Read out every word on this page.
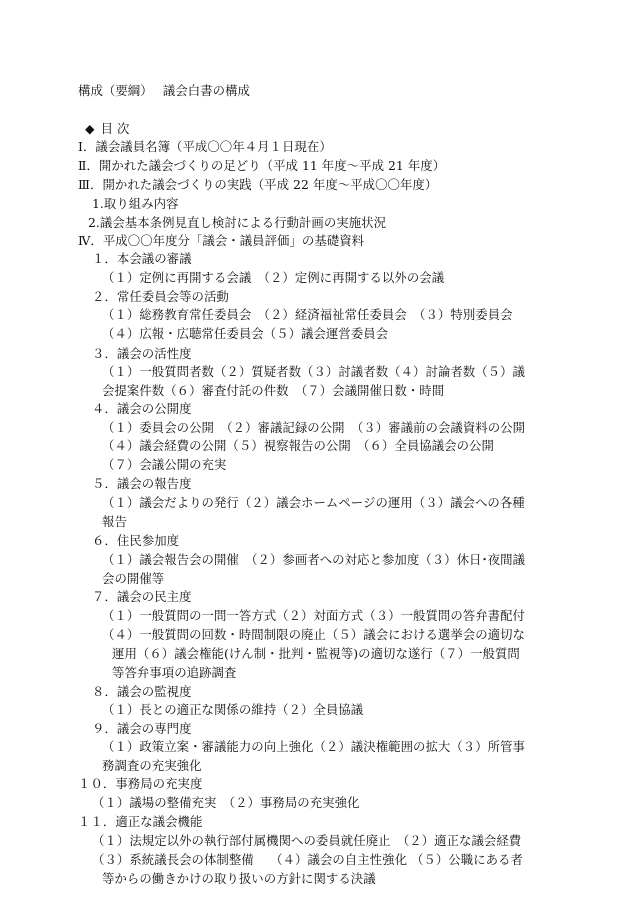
構成（要綱）　 議会白書の構成

◆ 目 次

Ⅰ．議会議員名簿（平成〇〇年４月１日現在）

Ⅱ．開かれた議会づくりの足どり（平成 11 年度～平成 21 年度）

Ⅲ．開かれた議会づくりの実践（平成 22 年度～平成〇〇年度）

1.取り組み内容

2.議会基本条例見直し検討による行動計画の実施状況

Ⅳ．平成〇〇年度分「議会・議員評価」の基礎資料

１．本会議の審議

（１）定例に再開する会議　（２）定例に再開する以外の会議

２．常任委員会等の活動

（１）総務教育常任委員会　（２）経済福祉常任委員会　（３）特別委員会

（４）広報・広聴常任委員会（５）議会運営委員会

３．議会の活性度

（１）一般質問者数（２）質疑者数（３）討議者数（４）討論者数（５）議

会提案件数（６）審査付託の件数　（７）会議開催日数・時間

４．議会の公開度

（１）委員会の公開　（２）審議記録の公開　（３）審議前の会議資料の公開

（４）議会経費の公開（５）視察報告の公開　（６）全員協議会の公開

（７）会議公開の充実

５．議会の報告度

（１）議会だよりの発行（２）議会ホームページの運用（３）議会への各種

報告

６．住民参加度

（１）議会報告会の開催　（２）参画者への対応と参加度（３）休日･夜間議

会の開催等

７．議会の民主度

（１）一般質問の一問一答方式（２）対面方式（３）一般質問の答弁書配付

（４）一般質問の回数・時間制限の廃止（５）議会における選挙会の適切な

運用（６）議会権能(けん制・批判・監視等)の適切な遂行（７）一般質問

等答弁事項の追跡調査

８．議会の監視度

（１）長との適正な関係の維持（２）全員協議

９．議会の専門度

（１）政策立案・審議能力の向上強化（２）議決権範囲の拡大（３）所管事

務調査の充実強化

１０．事務局の充実度

（１）議場の整備充実　（２）事務局の充実強化

１１．適正な議会機能

（１）法規定以外の執行部付属機関への委員就任廃止　（２）適正な議会経費

（３）系統議長会の体制整備　 （４）議会の自主性強化 （５）公職にある者

等からの働きかけの取り扱いの方針に関する決議
